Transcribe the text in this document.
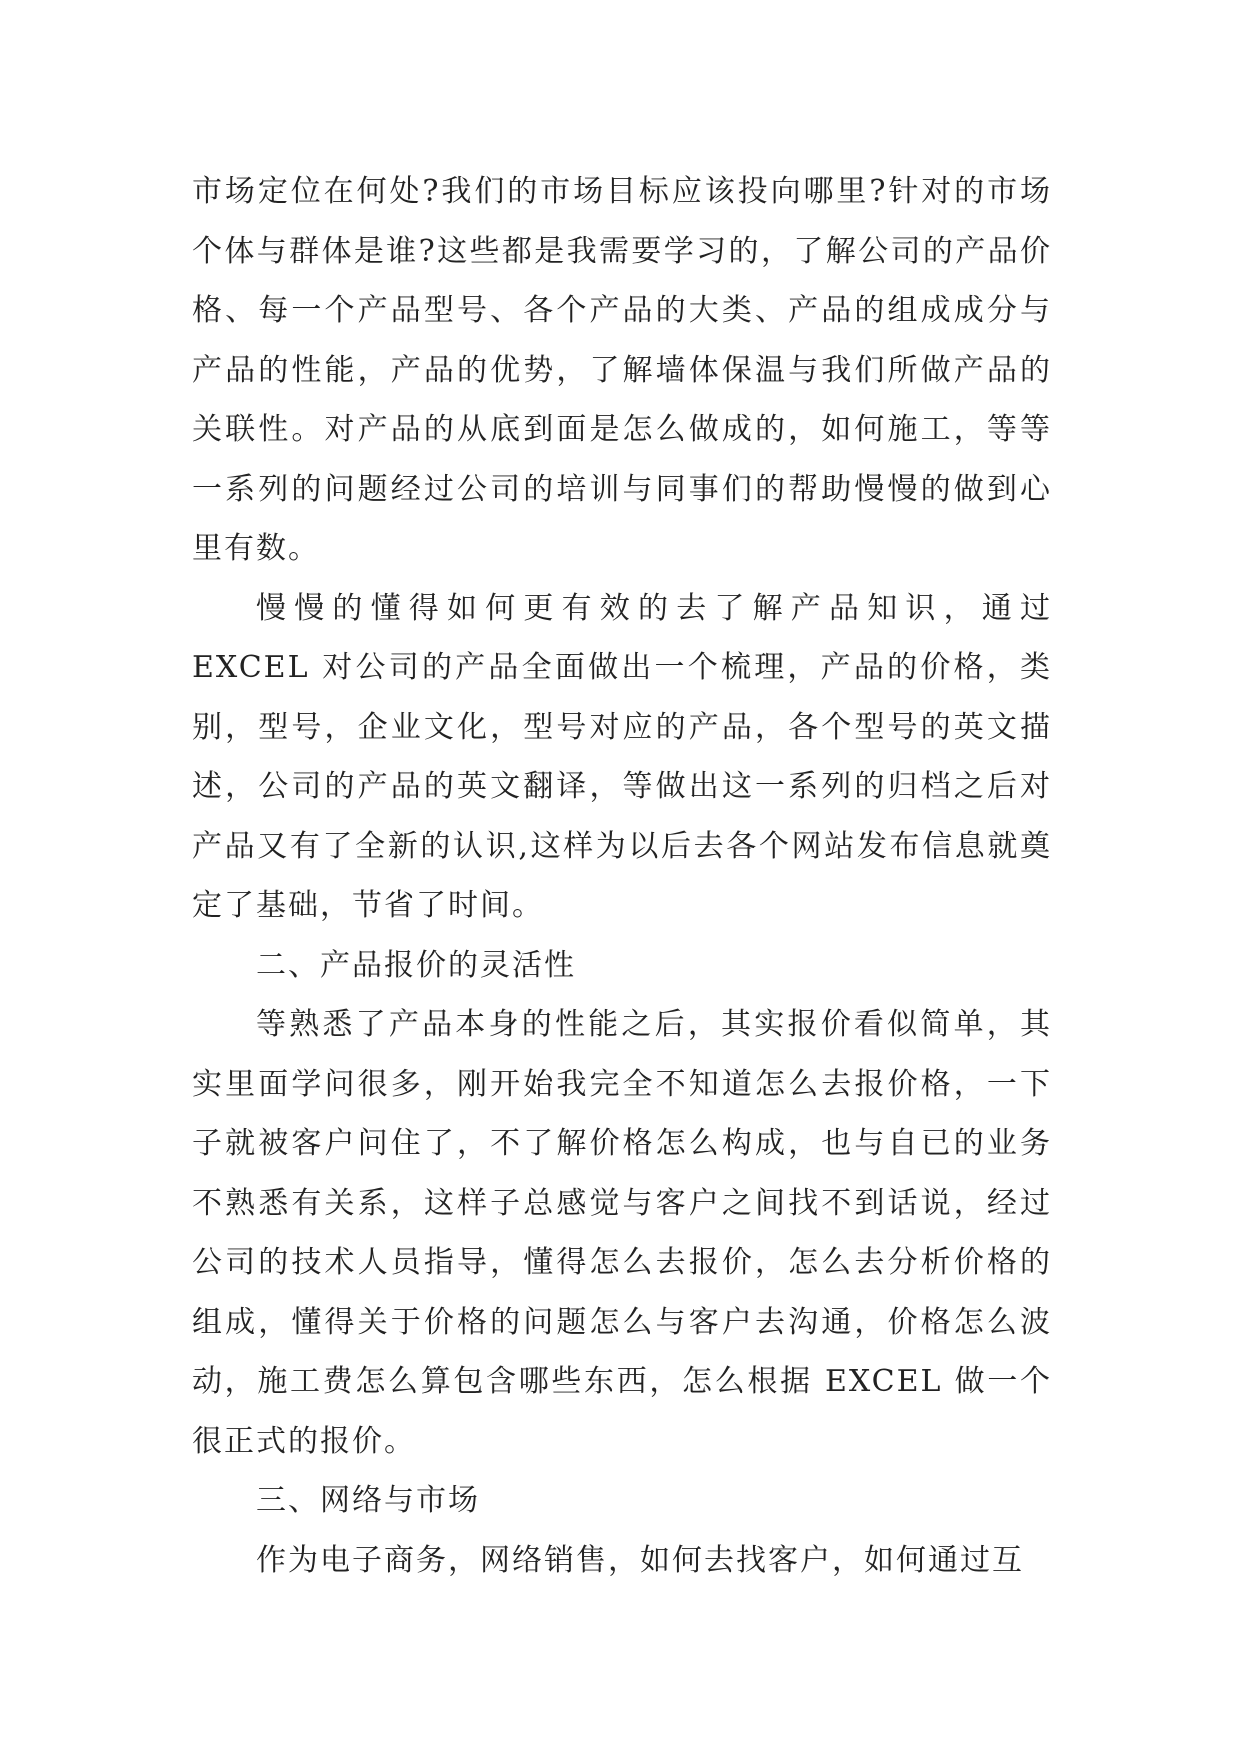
市场定位在何处?我们的市场目标应该投向哪里?针对的市场个体与群体是谁?这些都是我需要学习的，了解公司的产品价格、每一个产品型号、各个产品的大类、产品的组成成分与产品的性能，产品的优势，了解墙体保温与我们所做产品的关联性。对产品的从底到面是怎么做成的，如何施工，等等一系列的问题经过公司的培训与同事们的帮助慢慢的做到心里有数。

慢慢的懂得如何更有效的去了解产品知识，通过 EXCEL 对公司的产品全面做出一个梳理，产品的价格，类别，型号，企业文化，型号对应的产品，各个型号的英文描述，公司的产品的英文翻译，等做出这一系列的归档之后对产品又有了全新的认识,这样为以后去各个网站发布信息就奠定了基础，节省了时间。

二、产品报价的灵活性

等熟悉了产品本身的性能之后，其实报价看似简单，其实里面学问很多，刚开始我完全不知道怎么去报价格，一下子就被客户问住了，不了解价格怎么构成，也与自已的业务不熟悉有关系，这样子总感觉与客户之间找不到话说，经过公司的技术人员指导，懂得怎么去报价，怎么去分析价格的组成，懂得关于价格的问题怎么与客户去沟通，价格怎么波动，施工费怎么算包含哪些东西，怎么根据 EXCEL 做一个很正式的报价。

三、网络与市场

作为电子商务，网络销售，如何去找客户，如何通过互
